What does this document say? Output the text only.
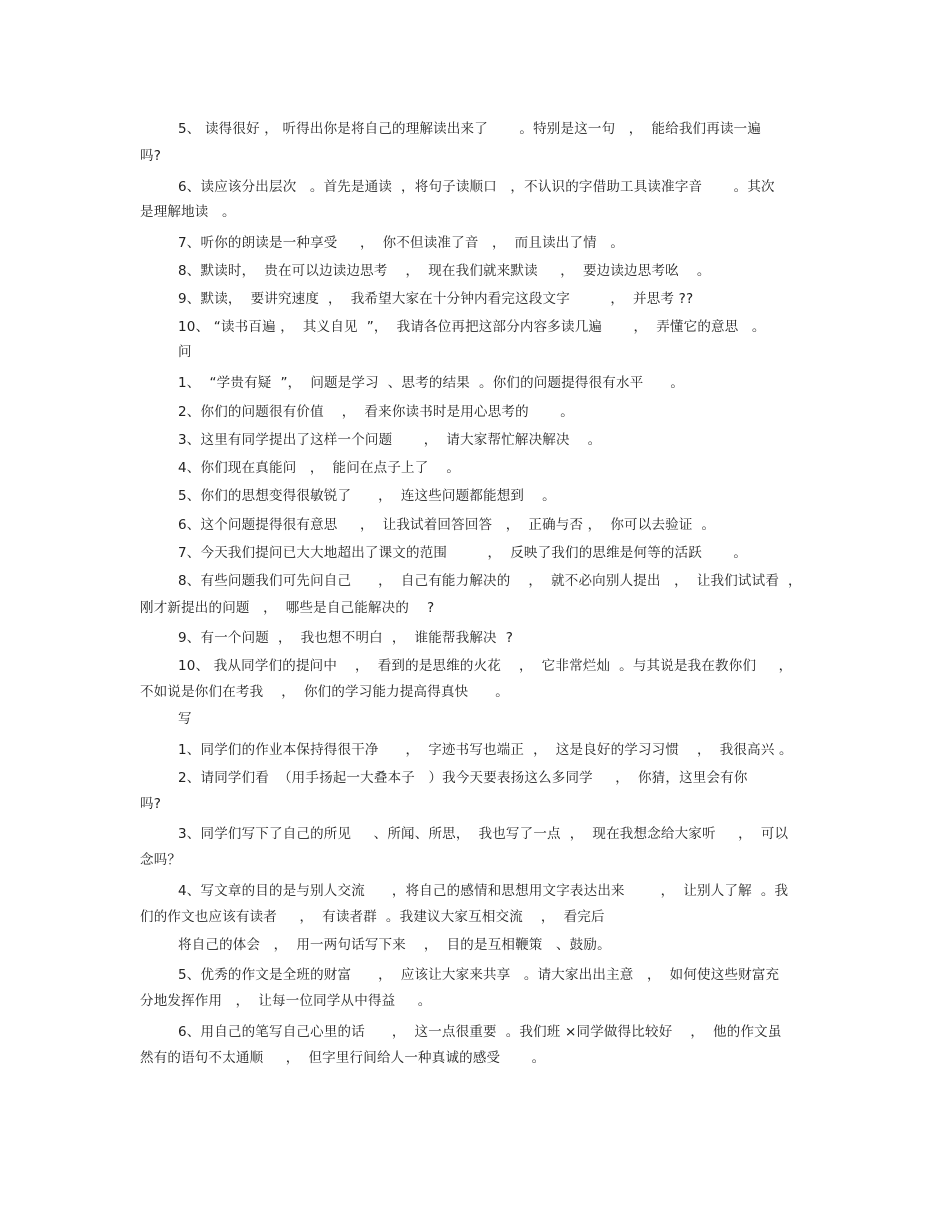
5、 读得很好 ， 听得出你是将自己的理解读出来了       。特别是这一句   ，  能给我们再读一遍
吗?
6、读应该分出层次   。首先是通读  ，将句子读顺口   ，不认识的字借助工具读准字音       。其次
是理解地读   。
7、听你的朗读是一种享受     ，  你不但读准了音   ，  而且读出了情   。
8、默读时，  贵在可以边读边思考    ，  现在我们就来默读     ，  要边读边思考吆    。
9、默读，  要讲究速度  ，  我希望大家在十分钟内看完这段文字         ，  并思考 ??
10、 “读书百遍 ，  其义自见  ”，  我请各位再把这部分内容多读几遍       ，  弄懂它的意思   。
问
1、  “学贵有疑  ”，  问题是学习  、思考的结果  。你们的问题提得很有水平      。
2、你们的问题很有价值    ，  看来你读书时是用心思考的       。
3、这里有同学提出了这样一个问题       ，  请大家帮忙解决解决    。
4、你们现在真能问   ，  能问在点子上了    。
5、你们的思想变得很敏锐了      ，  连这些问题都能想到    。
6、这个问题提得很有意思     ，  让我试着回答回答   ，  正确与否 ，  你可以去验证  。
7、今天我们提问已大大地超出了课文的范围         ，  反映了我们的思维是何等的活跃       。
8、有些问题我们可先问自己      ，  自己有能力解决的    ，  就不必向别人提出   ，  让我们试试看  ，
刚才新提出的问题   ，  哪些是自己能解决的    ?
9、有一个问题  ，  我也想不明白  ，  谁能帮我解决  ?
10、 我从同学们的提问中    ，  看到的是思维的火花    ，  它非常烂灿  。与其说是我在教你们     ，
不如说是你们在考我    ，  你们的学习能力提高得真快      。
写
1、同学们的作业本保持得很干净      ，  字迹书写也端正  ，  这是良好的学习习惯    ，  我很高兴 。
2、请同学们看  （用手扬起一大叠本子   ）我今天要表扬这么多同学     ，  你猜，这里会有你
吗?
3、同学们写下了自己的所见     、所闻、所思，  我也写了一点  ，  现在我想念给大家听     ，  可以
念吗？
4、写文章的目的是与别人交流      ，将自己的感情和思想用文字表达出来        ，  让别人了解  。我
们的作文也应该有读者     ，  有读者群  。我建议大家互相交流    ，  看完后
将自己的体会   ，  用一两句话写下来    ，  目的是互相鞭策   、鼓励。
5、优秀的作文是全班的财富      ，  应该让大家来共享   。请大家出出主意   ，  如何使这些财富充
分地发挥作用   ，  让每一位同学从中得益     。
6、用自己的笔写自己心里的话      ，  这一点很重要  。我们班 ×同学做得比较好    ，  他的作文虽
然有的语句不太通顺     ，  但字里行间给人一种真诚的感受       。
